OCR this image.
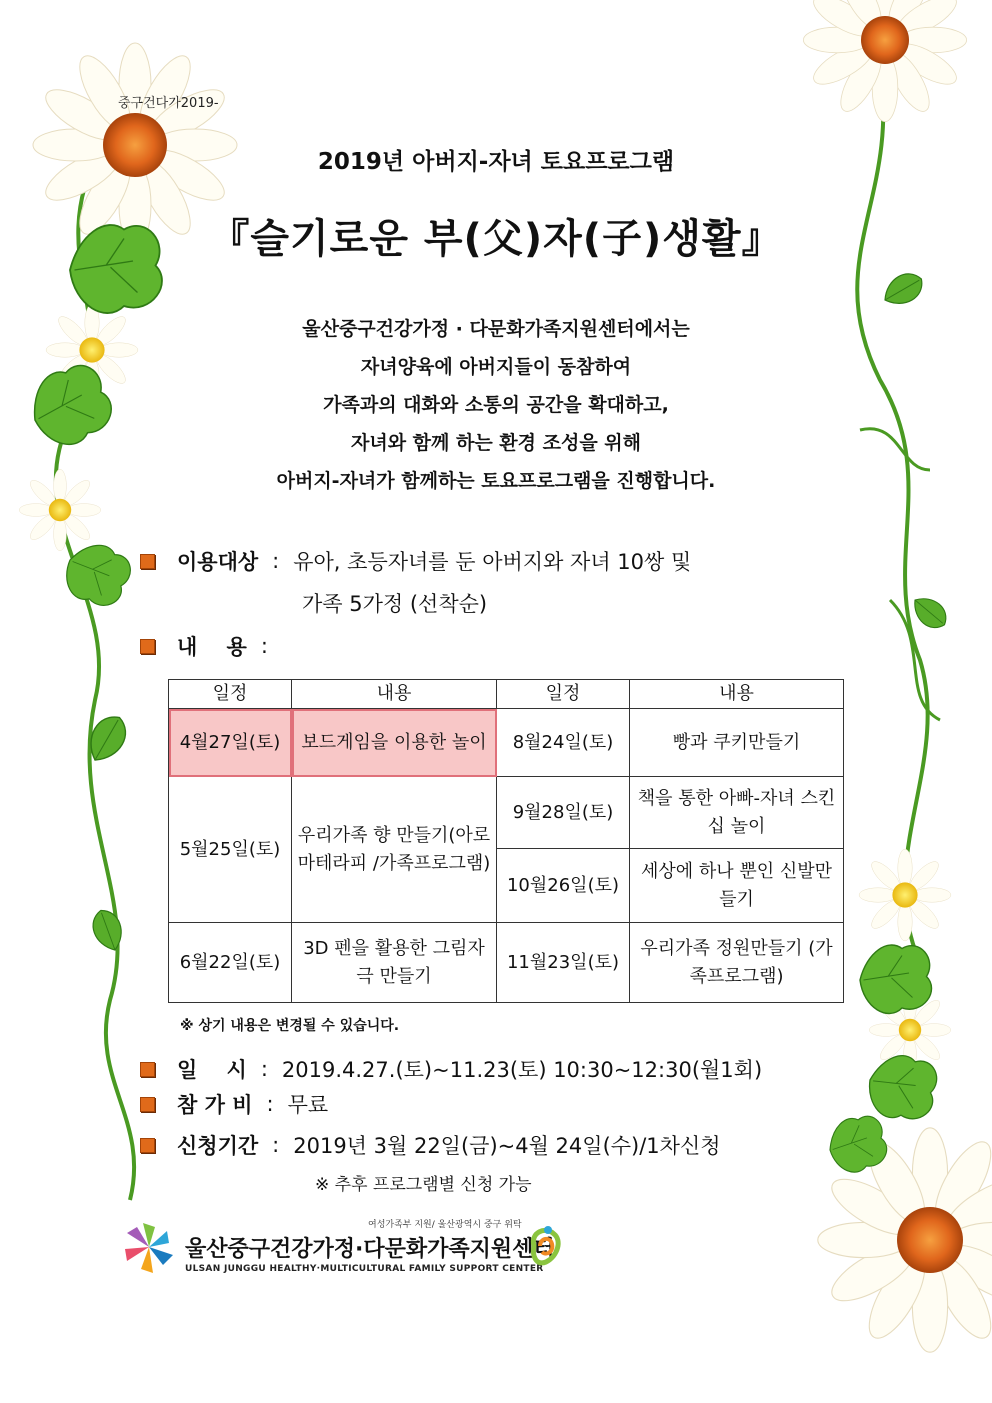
중구건다가2019-
2019년 아버지-자녀 토요프로그램
『슬기로운 부(父)자(子)생활』
울산중구건강가정 · 다문화가족지원센터에서는
자녀양육에 아버지들이 동참하여
가족과의 대화와 소통의 공간을 확대하고,
자녀와 함께 하는 환경 조성을 위해
아버지-자녀가 함께하는 토요프로그램을 진행합니다.
이용대상 : 유아, 초등자녀를 둔 아버지와 자녀 10쌍 및
가족 5가정 (선착순)
내    용 :
일정	내용	일정	내용
4월27일(토)	보드게임을 이용한 놀이	8월24일(토)	빵과 쿠키만들기
5월25일(토)	우리가족 향 만들기(아로마테라피 /가족프로그램)	9월28일(토)	책을 통한 아빠-자녀 스킨십 놀이
		10월26일(토)	세상에 하나 뿐인 신발만들기
6월22일(토)	3D 펜을 활용한 그림자극 만들기	11월23일(토)	우리가족 정원만들기 (가족프로그램)
※ 상기 내용은 변경될 수 있습니다.
일    시 : 2019.4.27.(토)~11.23(토) 10:30~12:30(월1회)
참 가 비 : 무료
신청기간 : 2019년 3월 22일(금)~4월 24일(수)/1차신청
※ 추후 프로그램별 신청 가능
여성가족부 지원/ 울산광역시 중구 위탁
울산중구건강가정·다문화가족지원센터
ULSAN JUNGGU HEALTHY·MULTICULTURAL FAMILY SUPPORT CENTER
